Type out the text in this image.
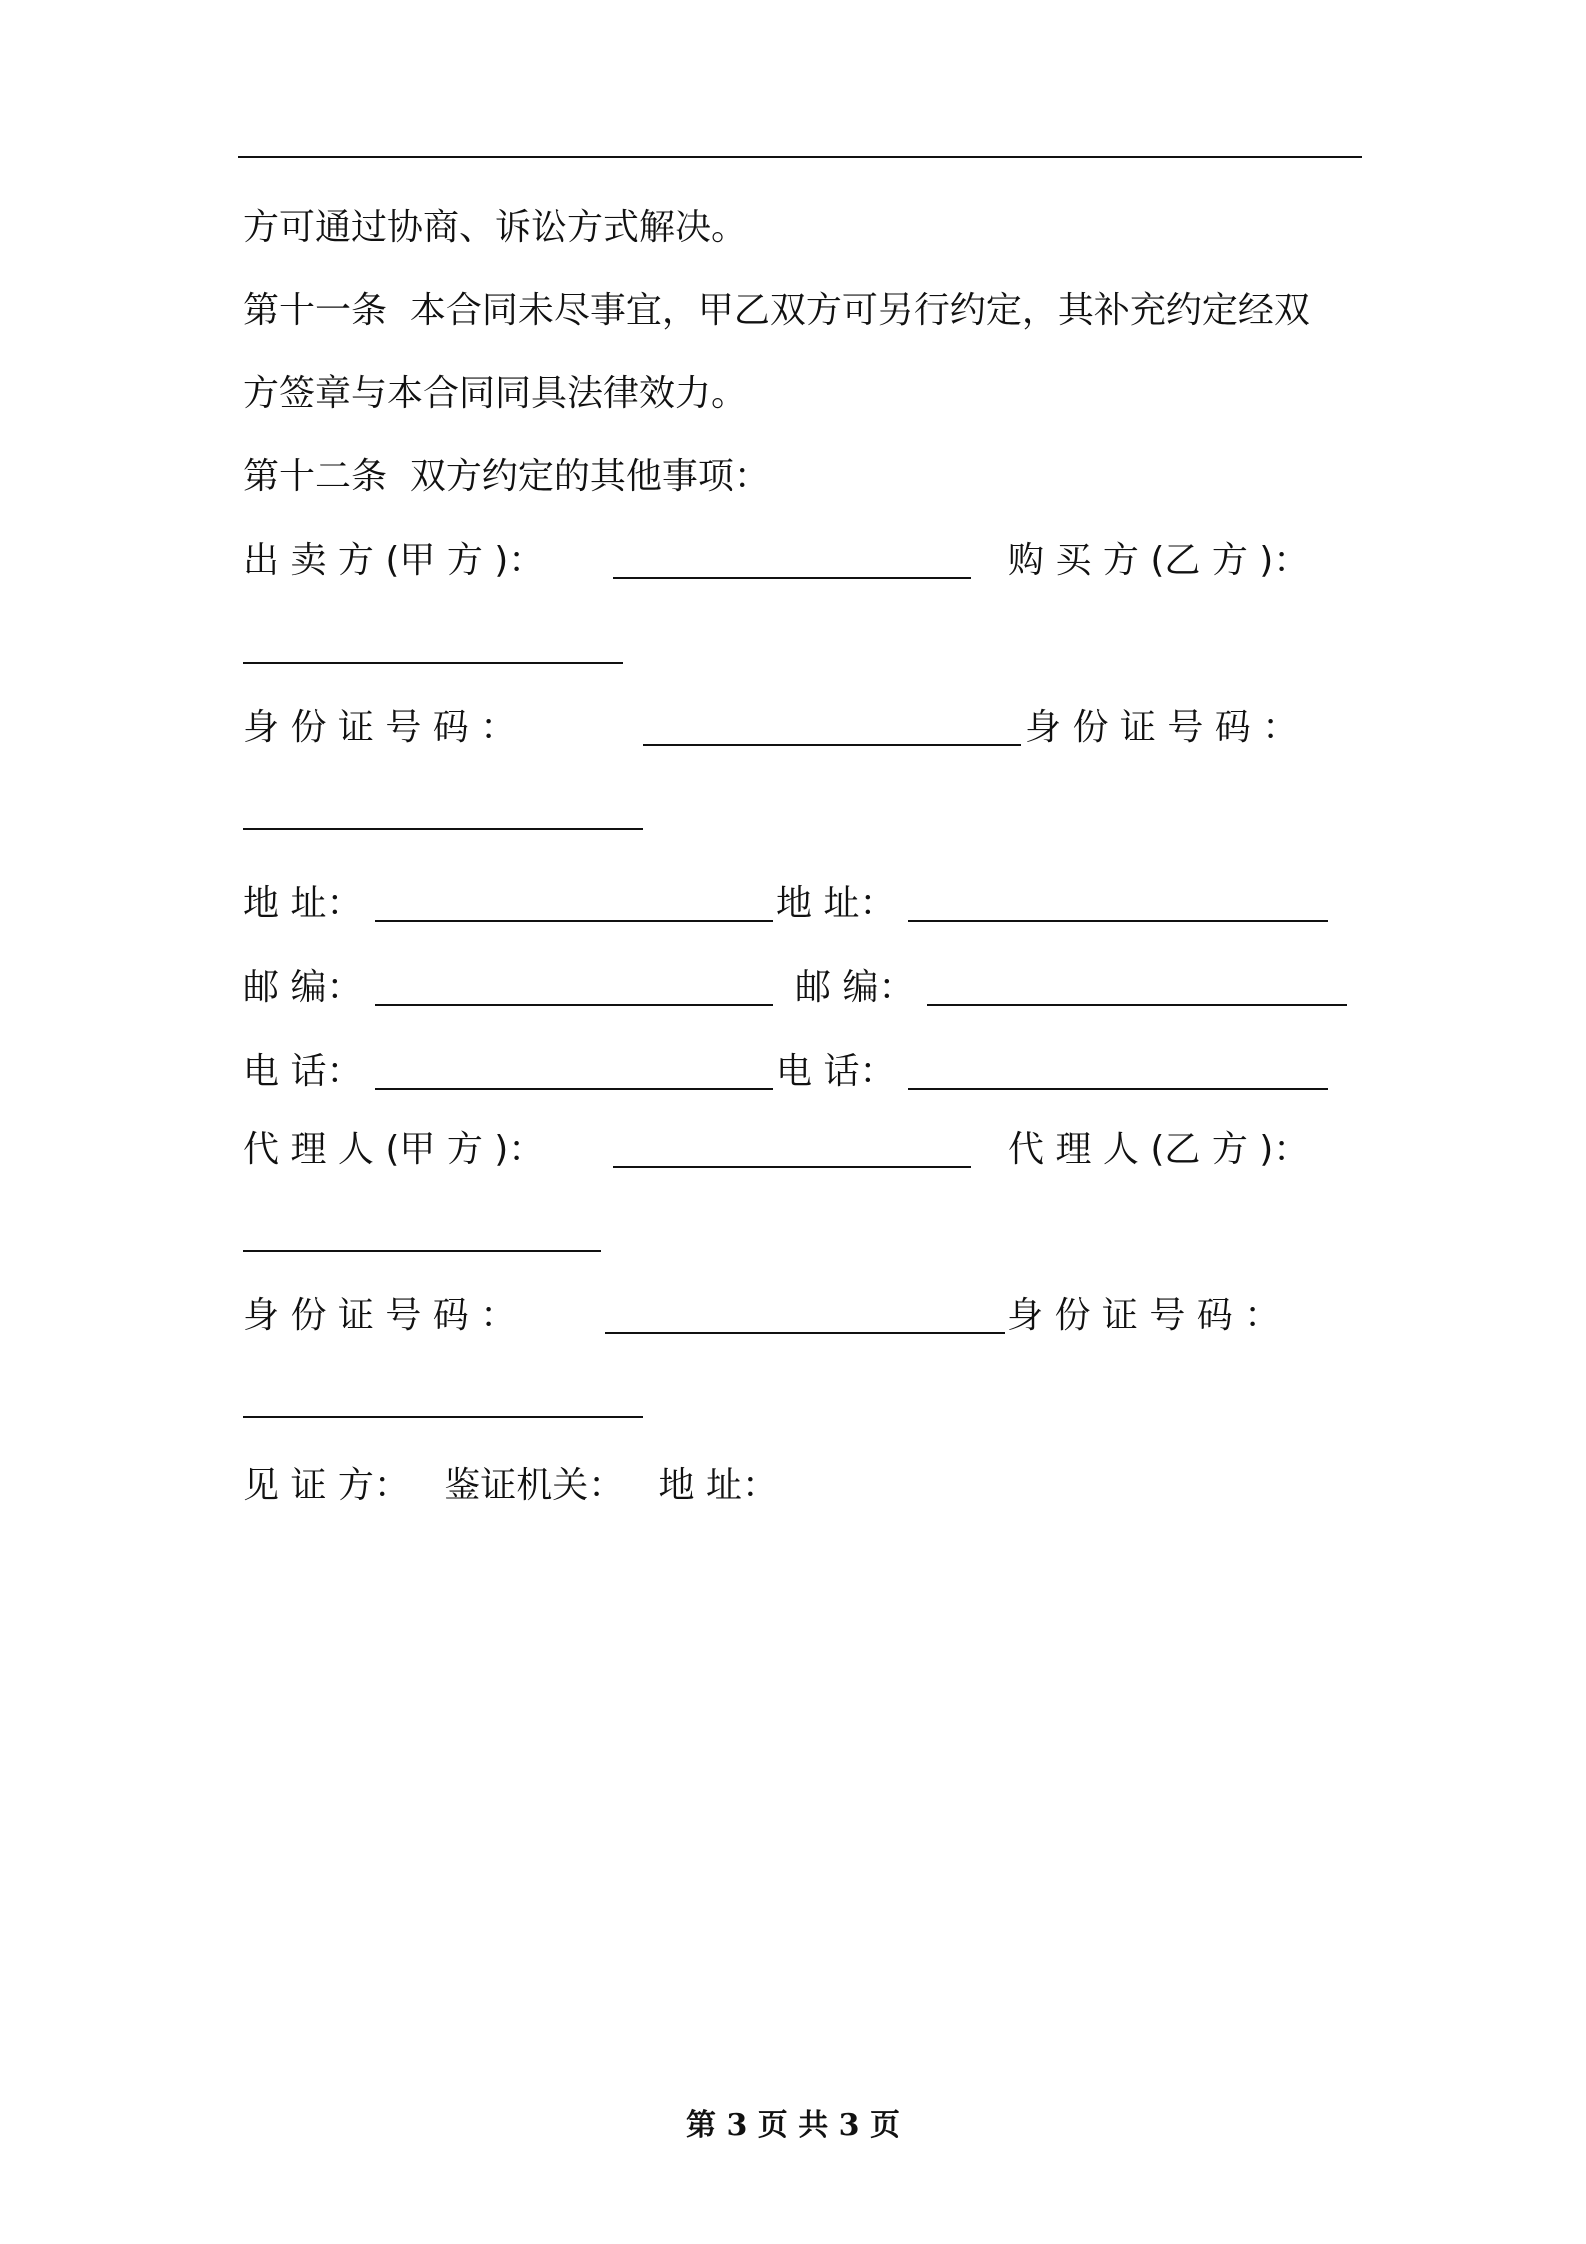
方可通过协商、诉讼方式解决。
第十一条  本合同未尽事宜，甲乙双方可另行约定，其补充约定经双
方签章与本合同同具法律效力。
第十二条  双方约定的其他事项：
出 卖 方 (甲 方 )：	购 买 方 (乙 方 )：
身 份 证 号 码 ：	身 份 证 号 码 ：
地 址：	地 址：
邮 编：	邮 编：
电 话：	电 话：
代 理 人 (甲 方 )：	代 理 人 (乙 方 )：
身 份 证 号 码 ：	身 份 证 号 码 ：
见 证 方：   鉴证机关：   地 址：
第 3 页 共 3 页
